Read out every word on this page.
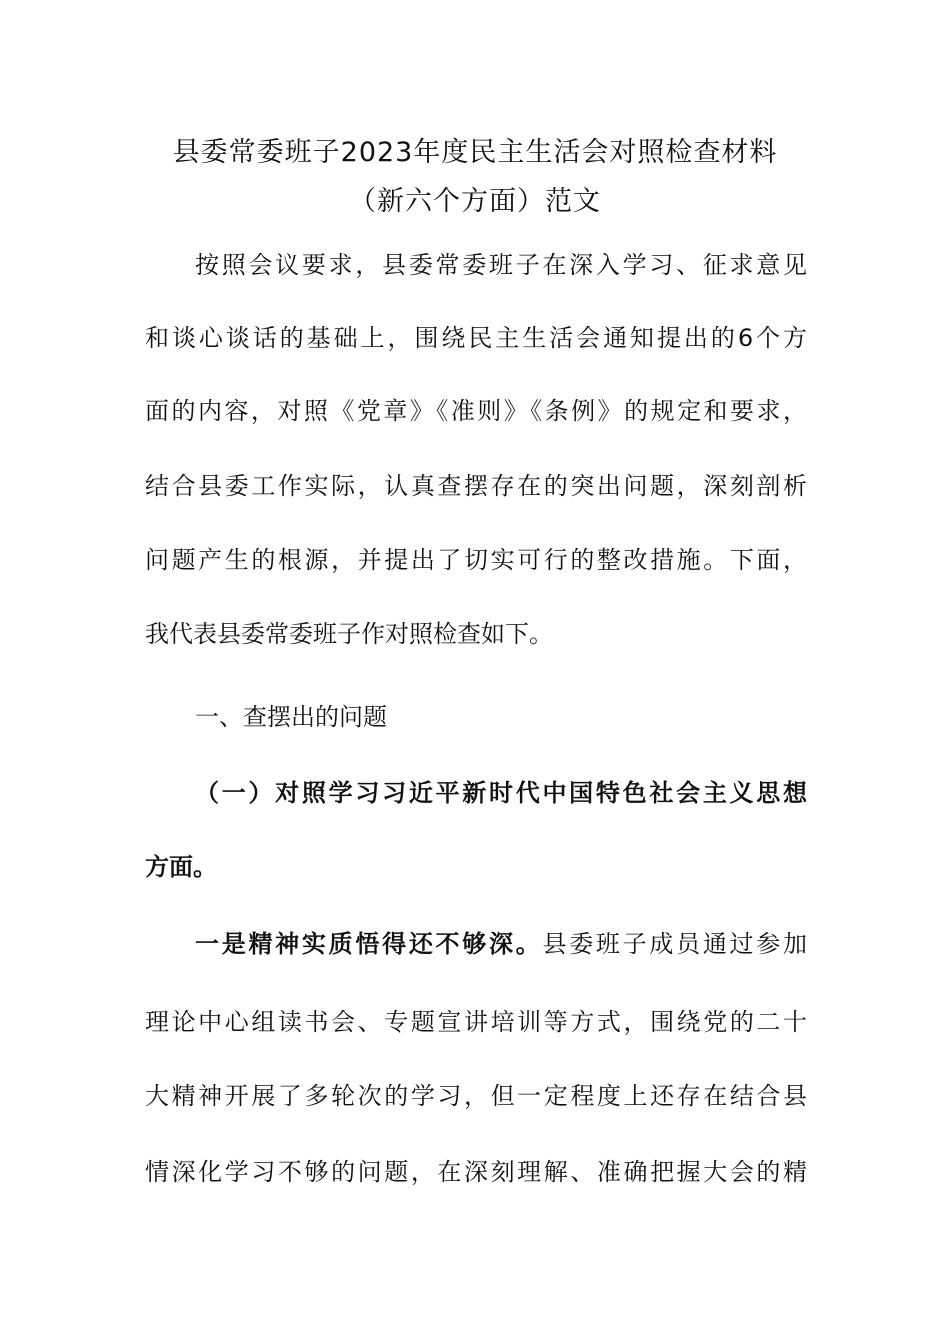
县委常委班子2023年度民主生活会对照检查材料
（新六个方面）范文
按照会议要求，县委常委班子在深入学习、征求意见
和谈心谈话的基础上，围绕民主生活会通知提出的6个方
面的内容，对照《党章》《准则》《条例》的规定和要求，
结合县委工作实际，认真查摆存在的突出问题，深刻剖析
问题产生的根源，并提出了切实可行的整改措施。下面，
我代表县委常委班子作对照检查如下。
一、查摆出的问题
（一）对照学习习近平新时代中国特色社会主义思想
方面。
一是精神实质悟得还不够深。县委班子成员通过参加
理论中心组读书会、专题宣讲培训等方式，围绕党的二十
大精神开展了多轮次的学习，但一定程度上还存在结合县
情深化学习不够的问题，在深刻理解、准确把握大会的精
